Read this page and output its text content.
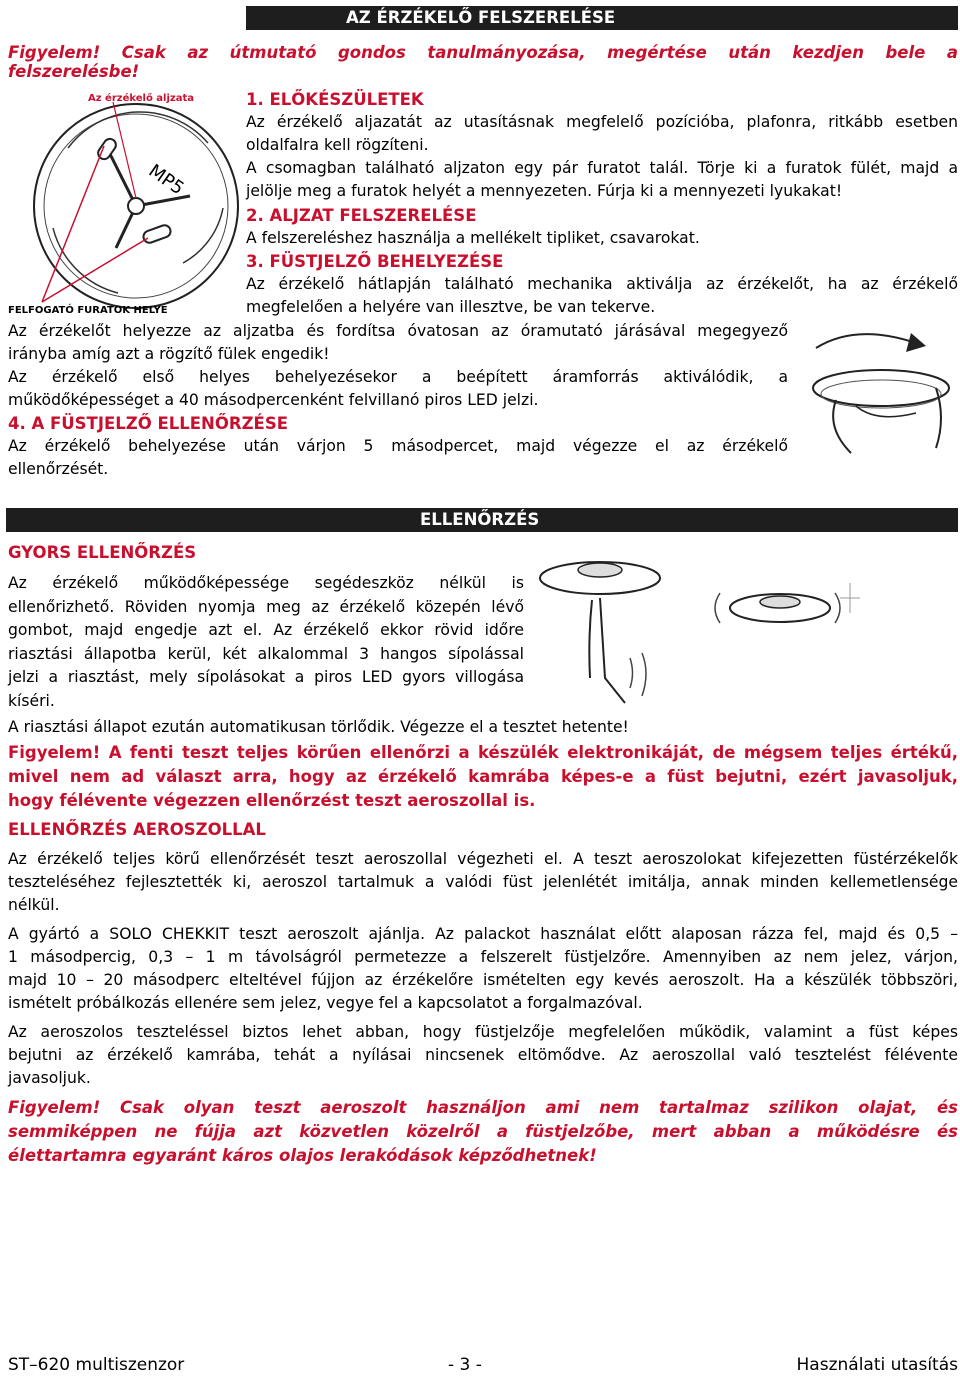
AZ ÉRZÉKELŐ FELSZERELÉSE

Figyelem! Csak az útmutató gondos tanulmányozása, megértése után kezdjen bele a

felszerelésbe!

Az érzékelő aljzata
MP5
FELFOGATÓ FURATOK HELYE

1. ELŐKÉSZÜLETEK

Az érzékelő aljazatát az utasításnak megfelelő pozícióba, plafonra, ritkább esetben

oldalfalra kell rögzíteni.

A csomagban található aljzaton egy pár furatot talál. Törje ki a furatok fülét, majd a

jelölje meg a furatok helyét a mennyezeten. Fúrja ki a mennyezeti lyukakat!

2. ALJZAT FELSZERELÉSE

A felszereléshez használja a mellékelt tipliket, csavarokat.

3. FÜSTJELZŐ BEHELYEZÉSE

Az érzékelő hátlapján található mechanika aktiválja az érzékelőt, ha az érzékelő

megfelelően a helyére van illesztve, be van tekerve.

Az érzékelőt helyezze az aljzatba és fordítsa óvatosan az óramutató járásával megegyező

irányba amíg azt a rögzítő fülek engedik!

Az érzékelő első helyes behelyezésekor a beépített áramforrás aktiválódik, a

működőképességet a 40 másodpercenként felvillanó piros LED jelzi.

4. A FÜSTJELZŐ ELLENŐRZÉSE

Az érzékelő behelyezése után várjon 5 másodpercet, majd végezze el az érzékelő

ellenőrzését.

ELLENŐRZÉS

GYORS ELLENŐRZÉS

Az érzékelő működőképessége segédeszköz nélkül is

ellenőrizhető. Röviden nyomja meg az érzékelő közepén lévő

gombot, majd engedje azt el. Az érzékelő ekkor rövid időre

riasztási állapotba kerül, két alkalommal 3 hangos sípolással

jelzi a riasztást, mely sípolásokat a piros LED gyors villogása

kíséri.

A riasztási állapot ezután automatikusan törlődik. Végezze el a tesztet hetente!

Figyelem! A fenti teszt teljes körűen ellenőrzi a készülék elektronikáját, de mégsem teljes értékű,

mivel nem ad választ arra, hogy az érzékelő kamrába képes-e a füst bejutni, ezért javasoljuk,

hogy félévente végezzen ellenőrzést teszt aeroszollal is.

ELLENŐRZÉS AEROSZOLLAL

Az érzékelő teljes körű ellenőrzését teszt aeroszollal végezheti el. A teszt aeroszolokat kifejezetten füstérzékelők

teszteléséhez fejlesztették ki, aeroszol tartalmuk a valódi füst jelenlétét imitálja, annak minden kellemetlensége

nélkül.

A gyártó a SOLO CHEKKIT teszt aeroszolt ajánlja. Az palackot használat előtt alaposan rázza fel, majd és 0,5 –

1 másodpercig, 0,3 – 1 m távolságról permetezze a felszerelt füstjelzőre. Amennyiben az nem jelez, várjon,

majd 10 – 20 másodperc elteltével fújjon az érzékelőre ismételten egy kevés aeroszolt. Ha a készülék többszöri,

ismételt próbálkozás ellenére sem jelez, vegye fel a kapcsolatot a forgalmazóval.

Az aeroszolos teszteléssel biztos lehet abban, hogy füstjelzője megfelelően működik, valamint a füst képes

bejutni az érzékelő kamrába, tehát a nyílásai nincsenek eltömődve. Az aeroszollal való tesztelést félévente

javasoljuk.

Figyelem! Csak olyan teszt aeroszolt használjon ami nem tartalmaz szilikon olajat, és

semmiképpen ne fújja azt közvetlen közelről a füstjelzőbe, mert abban a működésre és

élettartamra egyaránt káros olajos lerakódások képződhetnek!

ST–620 multiszenzor	- 3 -	Használati utasítás
